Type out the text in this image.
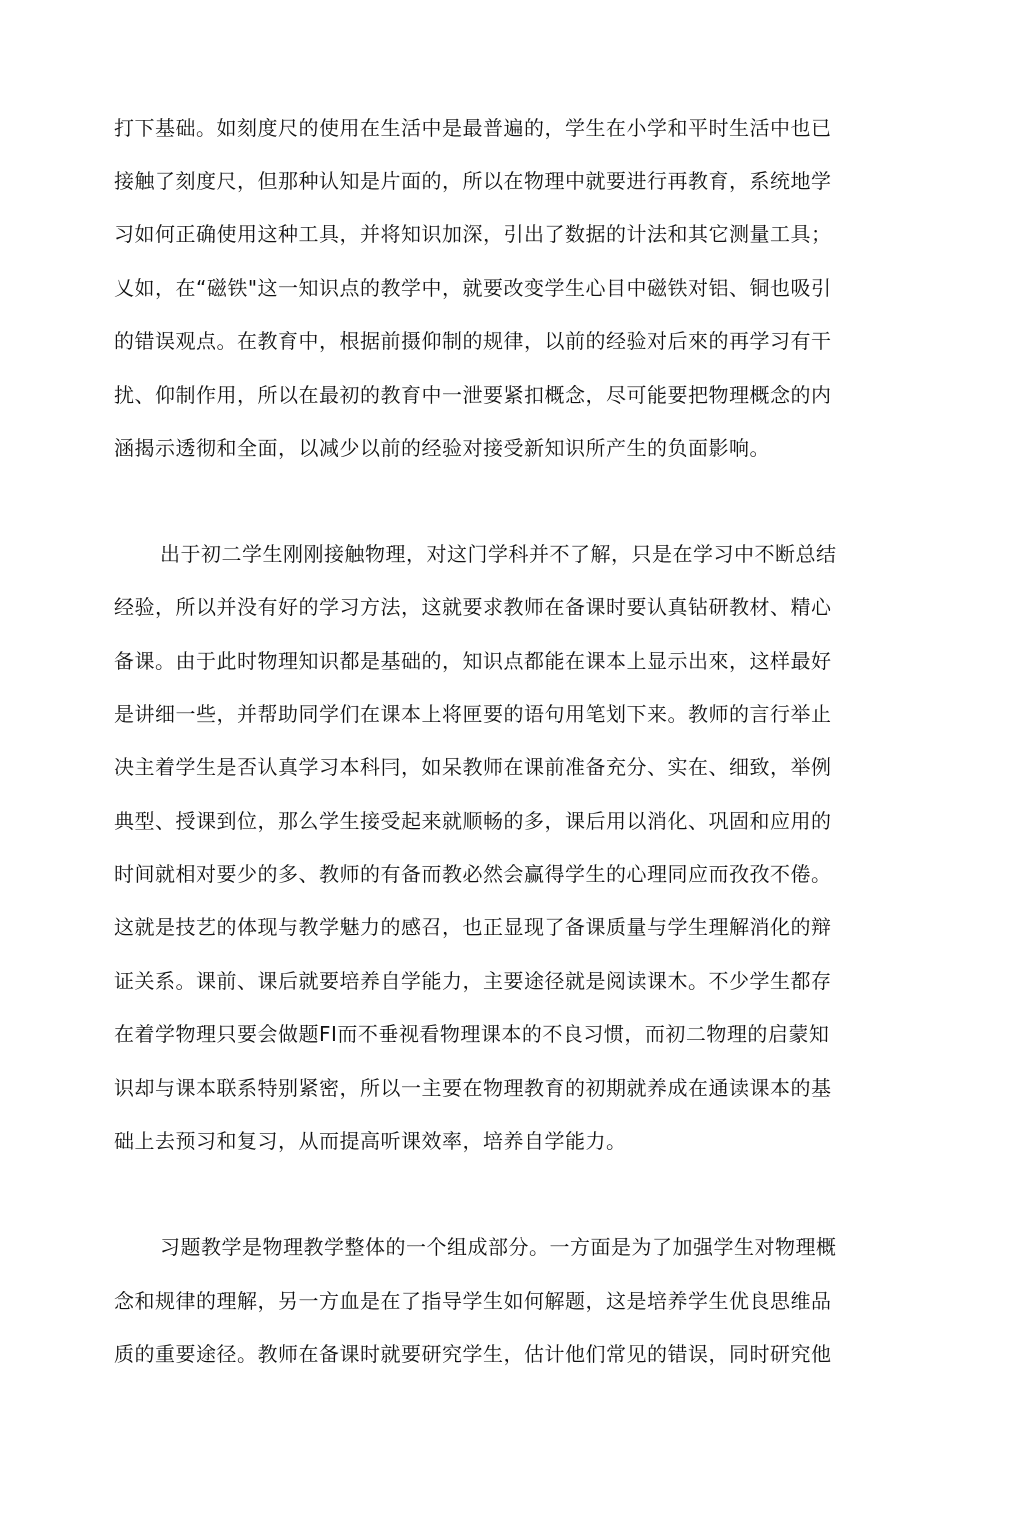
打下基础。如刻度尺的使用在生活中是最普遍的，学生在小学和平时生活中也已
接触了刻度尺，但那种认知是片面的，所以在物理中就要进行再教育，系统地学
习如何正确使用这种工具，并将知识加深，引出了数据的计法和其它测量工具；
乂如，在“磁铁"这一知识点的教学中，就要改变学生心目中磁铁对铝、铜也吸引
的错误观点。在教育中，根据前摄仰制的规律，以前的经验对后來的再学习有干
扰、仰制作用，所以在最初的教育中一泄要紧扣概念，尽可能要把物理概念的内
涵揭示透彻和全面，以减少以前的经验对接受新知识所产生的负面影响。
出于初二学生刚刚接触物理，对这门学科并不了解，只是在学习中不断总结
经验，所以并没有好的学习方法，这就要求教师在备课时要认真钻研教材、精心
备课。由于此时物理知识都是基础的，知识点都能在课本上显示出來，这样最好
是讲细一些，并帮助同学们在课本上将匣要的语句用笔划下来。教师的言行举止
决主着学生是否认真学习本科冃，如呆教师在课前准备充分、实在、细致，举例
典型、授课到位，那么学生接受起来就顺畅的多，课后用以消化、巩固和应用的
时间就相对要少的多、教师的有备而教必然会赢得学生的心理同应而孜孜不倦。
这就是技艺的体现与教学魅力的感召，也正显现了备课质量与学生理解消化的辩
证关系。课前、课后就要培养自学能力，主要途径就是阅读课木。不少学生都存
在着学物理只要会做题FI而不垂视看物理课本的不良习惯，而初二物理的启蒙知
识却与课本联系特别紧密，所以一主要在物理教育的初期就养成在通读课本的基
础上去预习和复习，从而提高听课效率，培养自学能力。
习题教学是物理教学整体的一个组成部分。一方面是为了加强学生对物理概
念和规律的理解，另一方血是在了指导学生如何解题，这是培养学生优良思维品
质的重要途径。教师在备课时就要研究学生，估计他们常见的错误，同时研究他
